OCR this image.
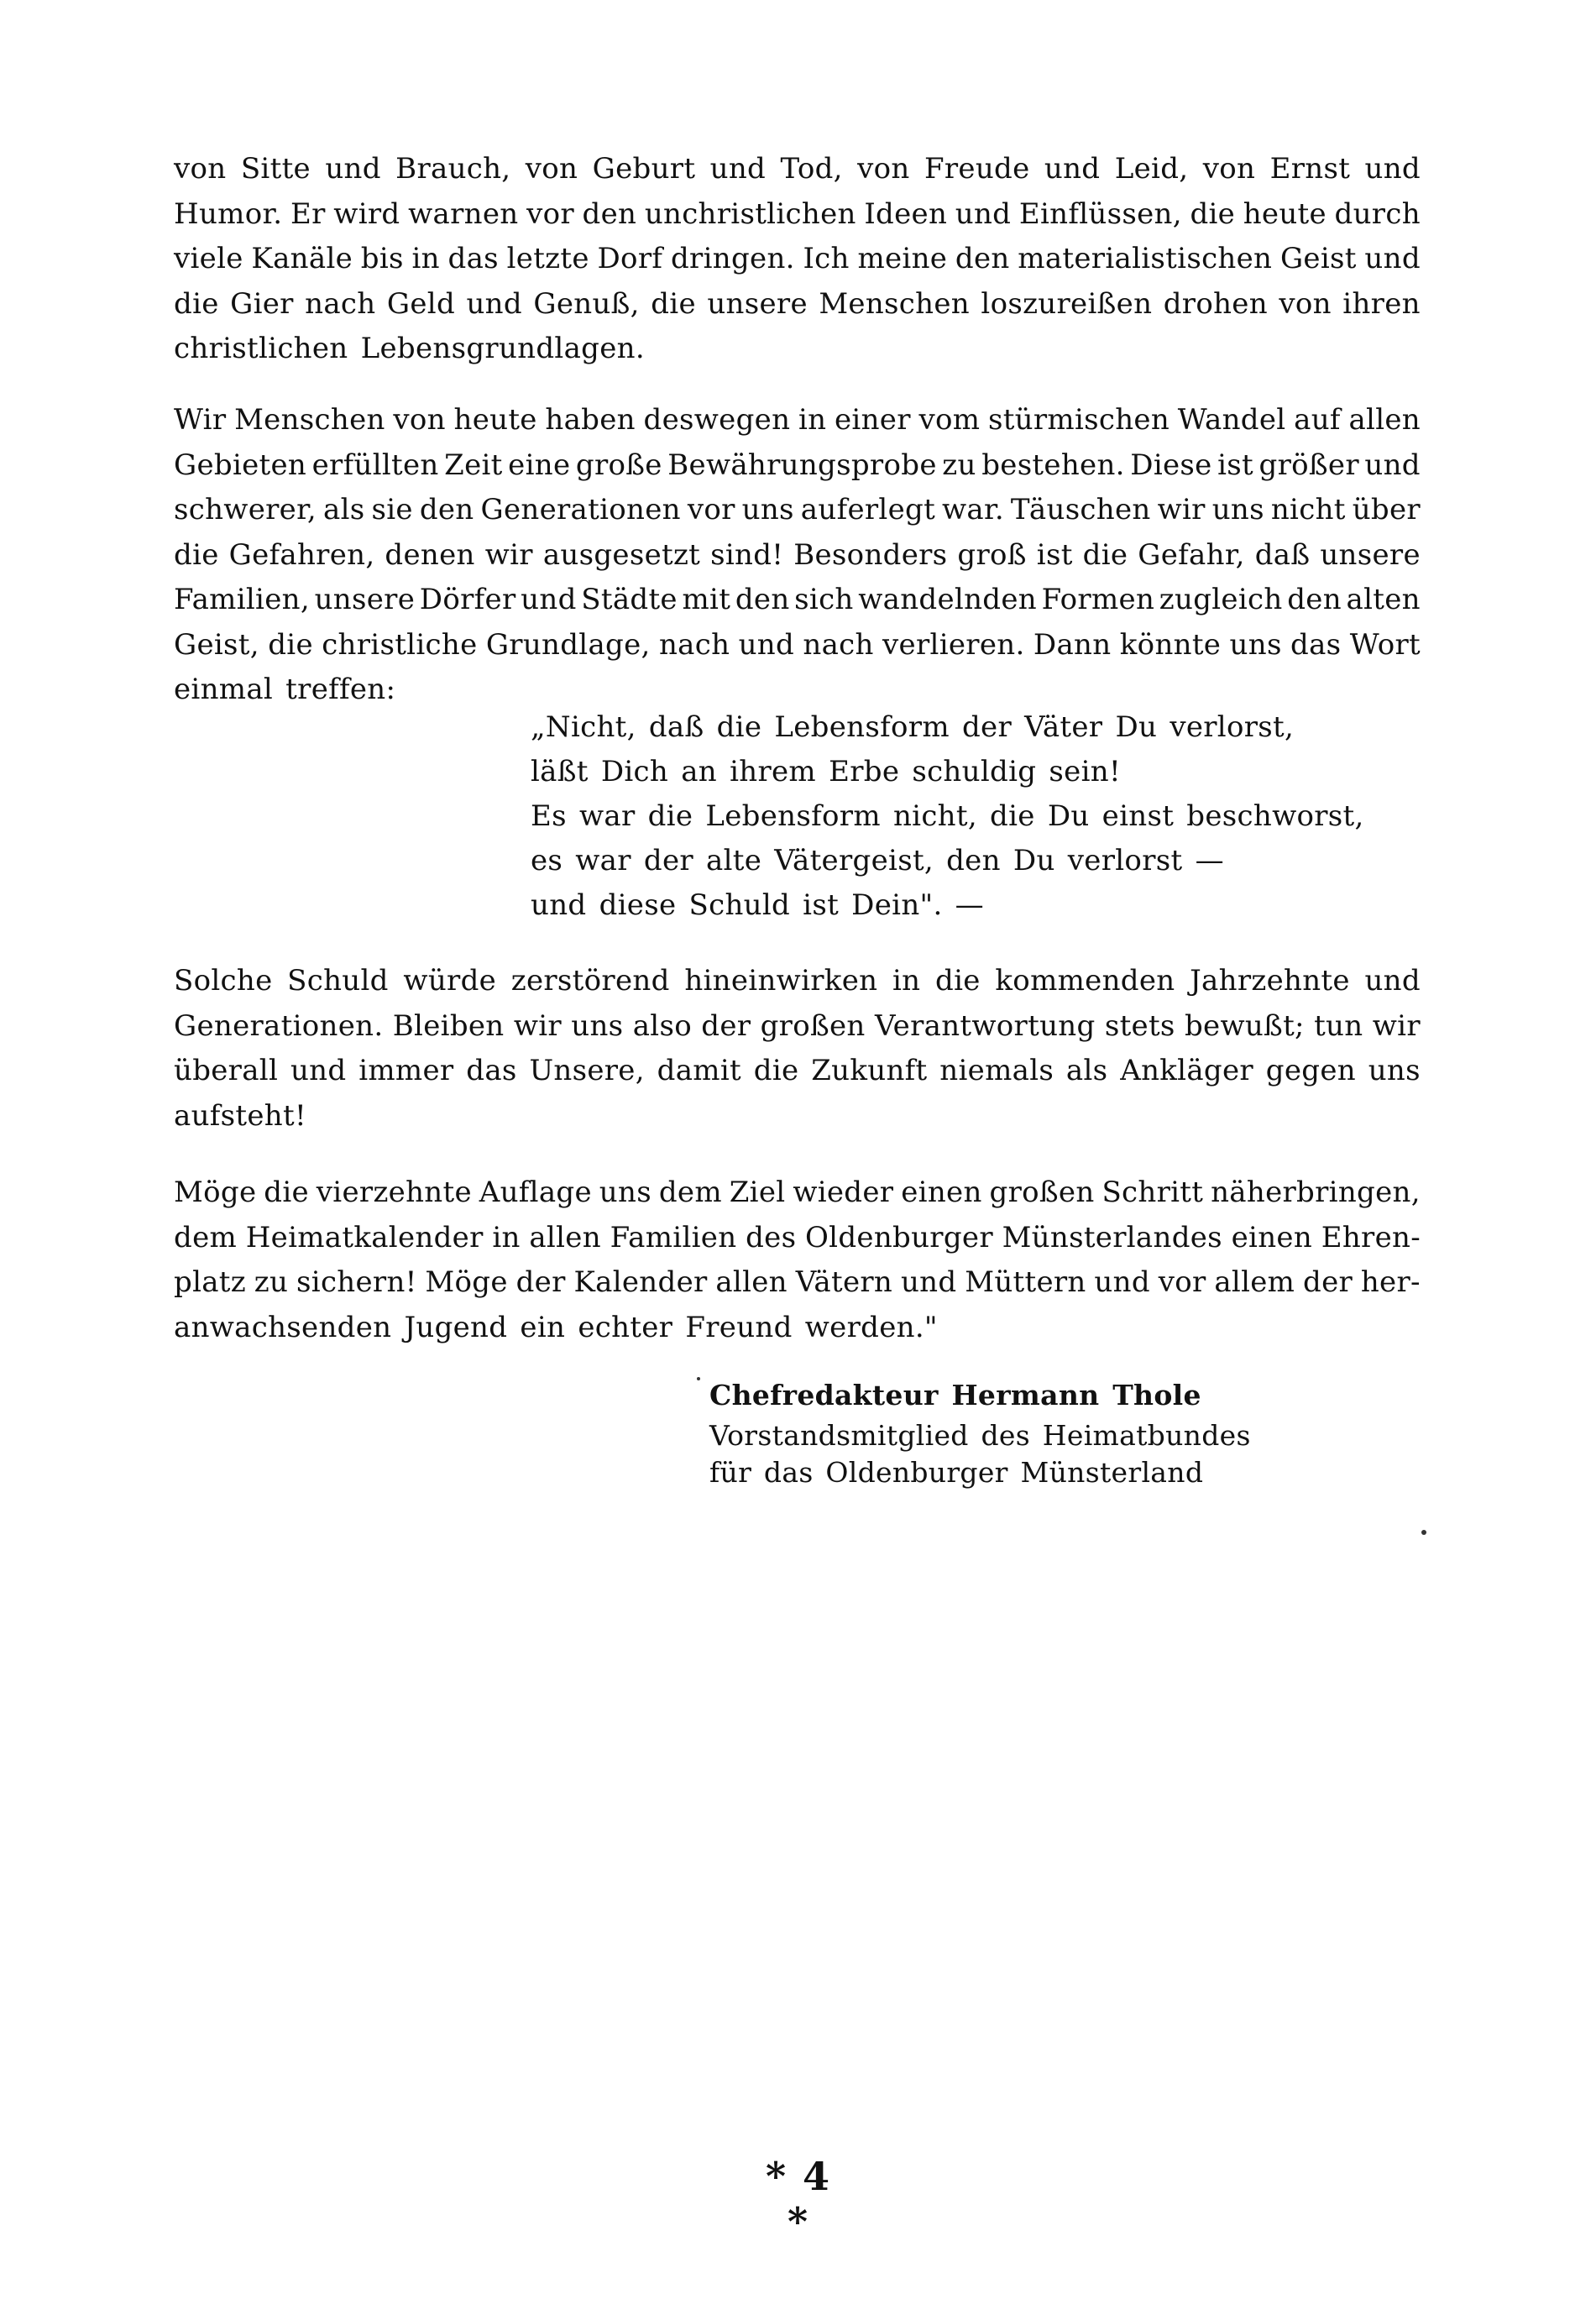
von Sitte und Brauch, von Geburt und Tod, von Freude und Leid, von Ernst und
Humor. Er wird warnen vor den unchristlichen Ideen und Einflüssen, die heute durch
viele Kanäle bis in das letzte Dorf dringen. Ich meine den materialistischen Geist und
die Gier nach Geld und Genuß, die unsere Menschen loszureißen drohen von ihren
christlichen Lebensgrundlagen.
Wir Menschen von heute haben deswegen in einer vom stürmischen Wandel auf allen
Gebieten erfüllten Zeit eine große Bewährungsprobe zu bestehen. Diese ist größer und
schwerer, als sie den Generationen vor uns auferlegt war. Täuschen wir uns nicht über
die Gefahren, denen wir ausgesetzt sind! Besonders groß ist die Gefahr, daß unsere
Familien, unsere Dörfer und Städte mit den sich wandelnden Formen zugleich den alten
Geist, die christliche Grundlage, nach und nach verlieren. Dann könnte uns das Wort
einmal treffen:
„Nicht, daß die Lebensform der Väter Du verlorst,
läßt Dich an ihrem Erbe schuldig sein!
Es war die Lebensform nicht, die Du einst beschworst,
es war der alte Vätergeist, den Du verlorst —
und diese Schuld ist Dein". —
Solche Schuld würde zerstörend hineinwirken in die kommenden Jahrzehnte und
Generationen. Bleiben wir uns also der großen Verantwortung stets bewußt; tun wir
überall und immer das Unsere, damit die Zukunft niemals als Ankläger gegen uns
aufsteht!
Möge die vierzehnte Auflage uns dem Ziel wieder einen großen Schritt näherbringen,
dem Heimatkalender in allen Familien des Oldenburger Münsterlandes einen Ehren-
platz zu sichern! Möge der Kalender allen Vätern und Müttern und vor allem der her-
anwachsenden Jugend ein echter Freund werden."
Chefredakteur Hermann Thole
Vorstandsmitglied des Heimatbundes
für das Oldenburger Münsterland
* 4 *
